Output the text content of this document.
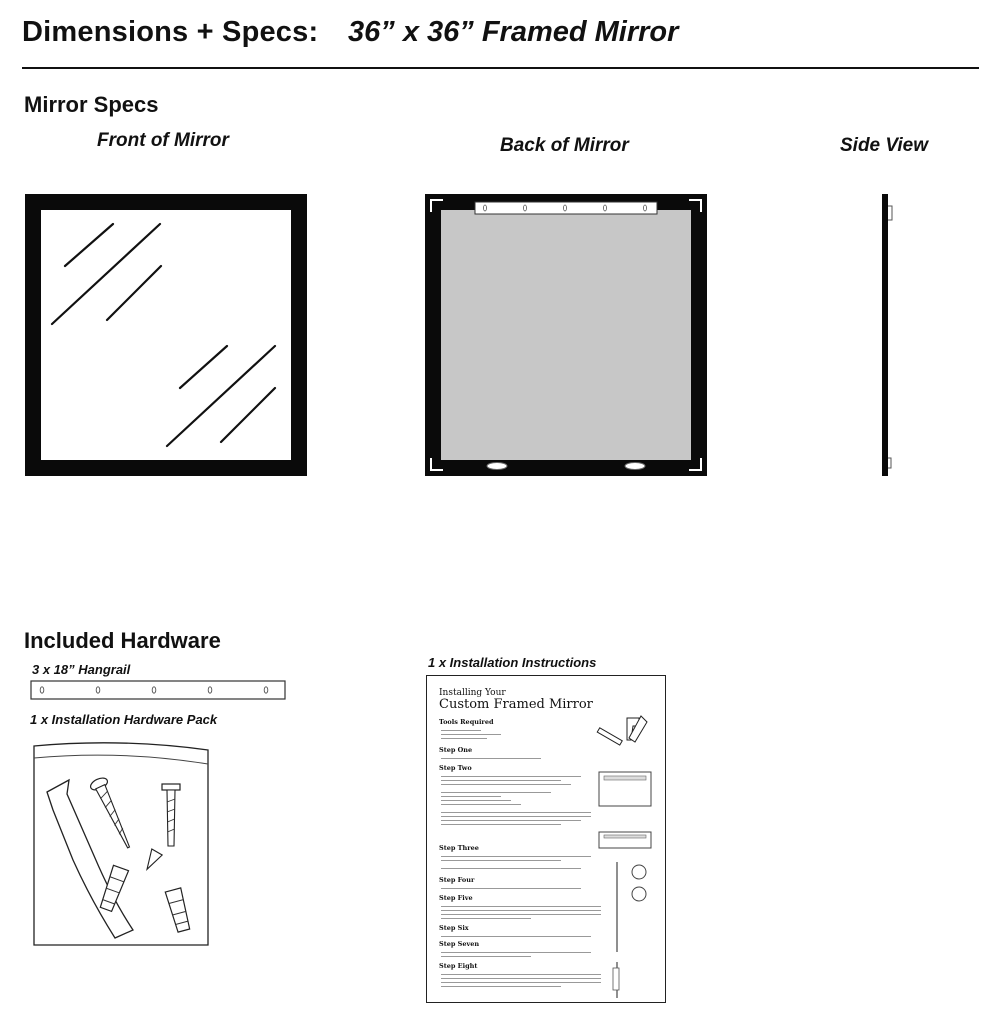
Dimensions + Specs: 36” x 36” Framed Mirror
Mirror Specs
Front of Mirror	Back of Mirror	Side View
Included Hardware
3 x 18” Hangrail
1 x Installation Hardware Pack
1 x Installation Instructions
Installing Your
Custom Framed Mirror
Tools Required
Step One
Step Two
Step Three
Step Four
Step Five
Step Six
Step Seven
Step Eight
